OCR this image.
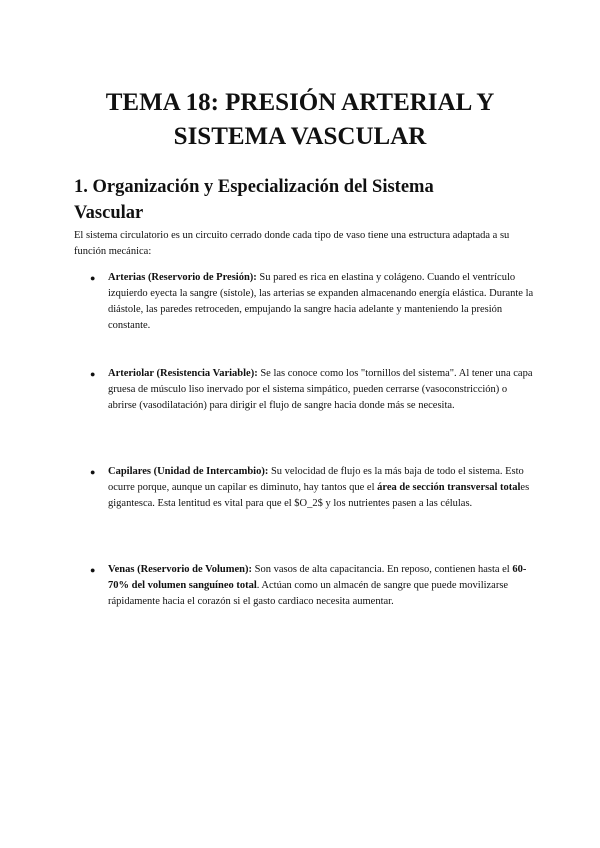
TEMA 18: PRESIÓN ARTERIAL Y
SISTEMA VASCULAR
1. Organización y Especialización del Sistema
Vascular

El sistema circulatorio es un circuito cerrado donde cada tipo de vaso tiene una estructura adaptada a su función mecánica:

● Arterias (Reservorio de Presión): Su pared es rica en elastina y colágeno. Cuando el ventrículo izquierdo eyecta la sangre (sístole), las arterias se expanden almacenando energía elástica. Durante la diástole, las paredes retroceden, empujando la sangre hacia adelante y manteniendo la presión constante.

● Arteriolar (Resistencia Variable): Se las conoce como los "tornillos del sistema". Al tener una capa gruesa de músculo liso inervado por el sistema simpático, pueden cerrarse (vasoconstricción) o abrirse (vasodilatación) para dirigir el flujo de sangre hacia donde más se necesita.

● Capilares (Unidad de Intercambio): Su velocidad de flujo es la más baja de todo el sistema. Esto ocurre porque, aunque un capilar es diminuto, hay tantos que el área de sección transversal totales gigantesca. Esta lentitud es vital para que el $O_2$ y los nutrientes pasen a las células.

● Venas (Reservorio de Volumen): Son vasos de alta capacitancia. En reposo, contienen hasta el 60-70% del volumen sanguíneo total. Actúan como un almacén de sangre que puede movilizarse rápidamente hacia el corazón si el gasto cardiaco necesita aumentar.
